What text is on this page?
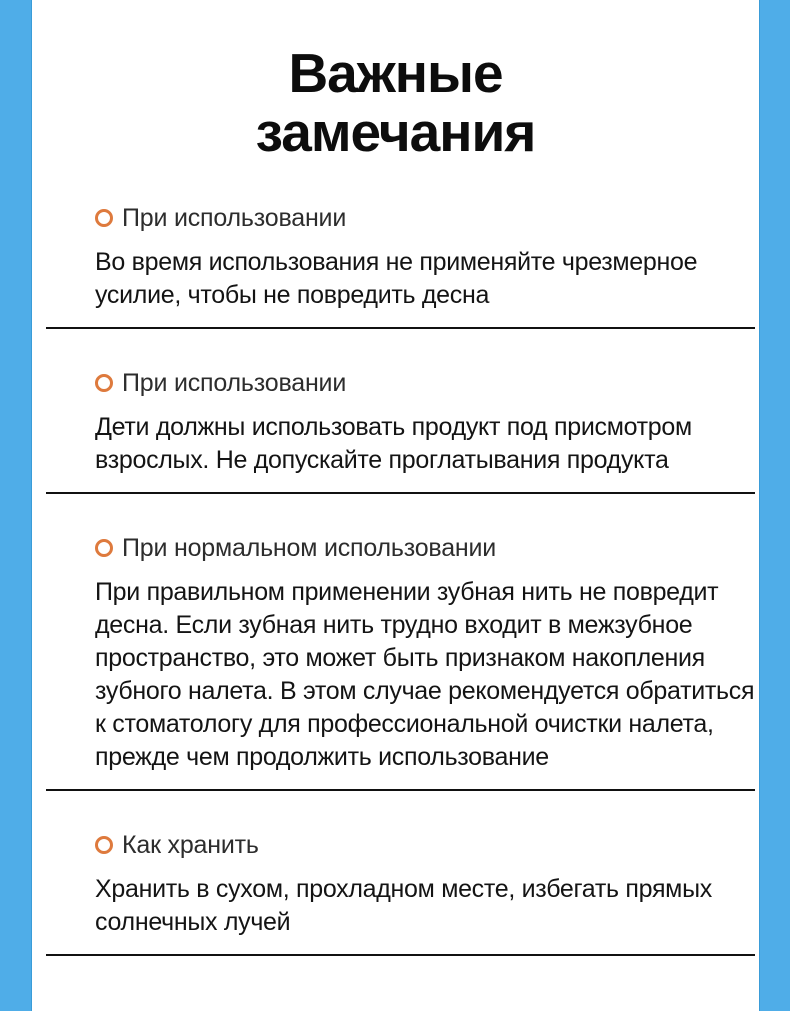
Важные
замечания
При использовании

Во время использования не применяйте чрезмерное усилие, чтобы не повредить десна

При использовании

Дети должны использовать продукт под присмотром взрослых. Не допускайте проглатывания продукта

При нормальном использовании

При правильном применении зубная нить не повредит десна. Если зубная нить трудно входит в межзубное пространство, это может быть признаком накопления зубного налета. В этом случае рекомендуется обратиться к стоматологу для профессиональной очистки налета, прежде чем продолжить использование

Как хранить

Хранить в сухом, прохладном месте, избегать прямых солнечных лучей
